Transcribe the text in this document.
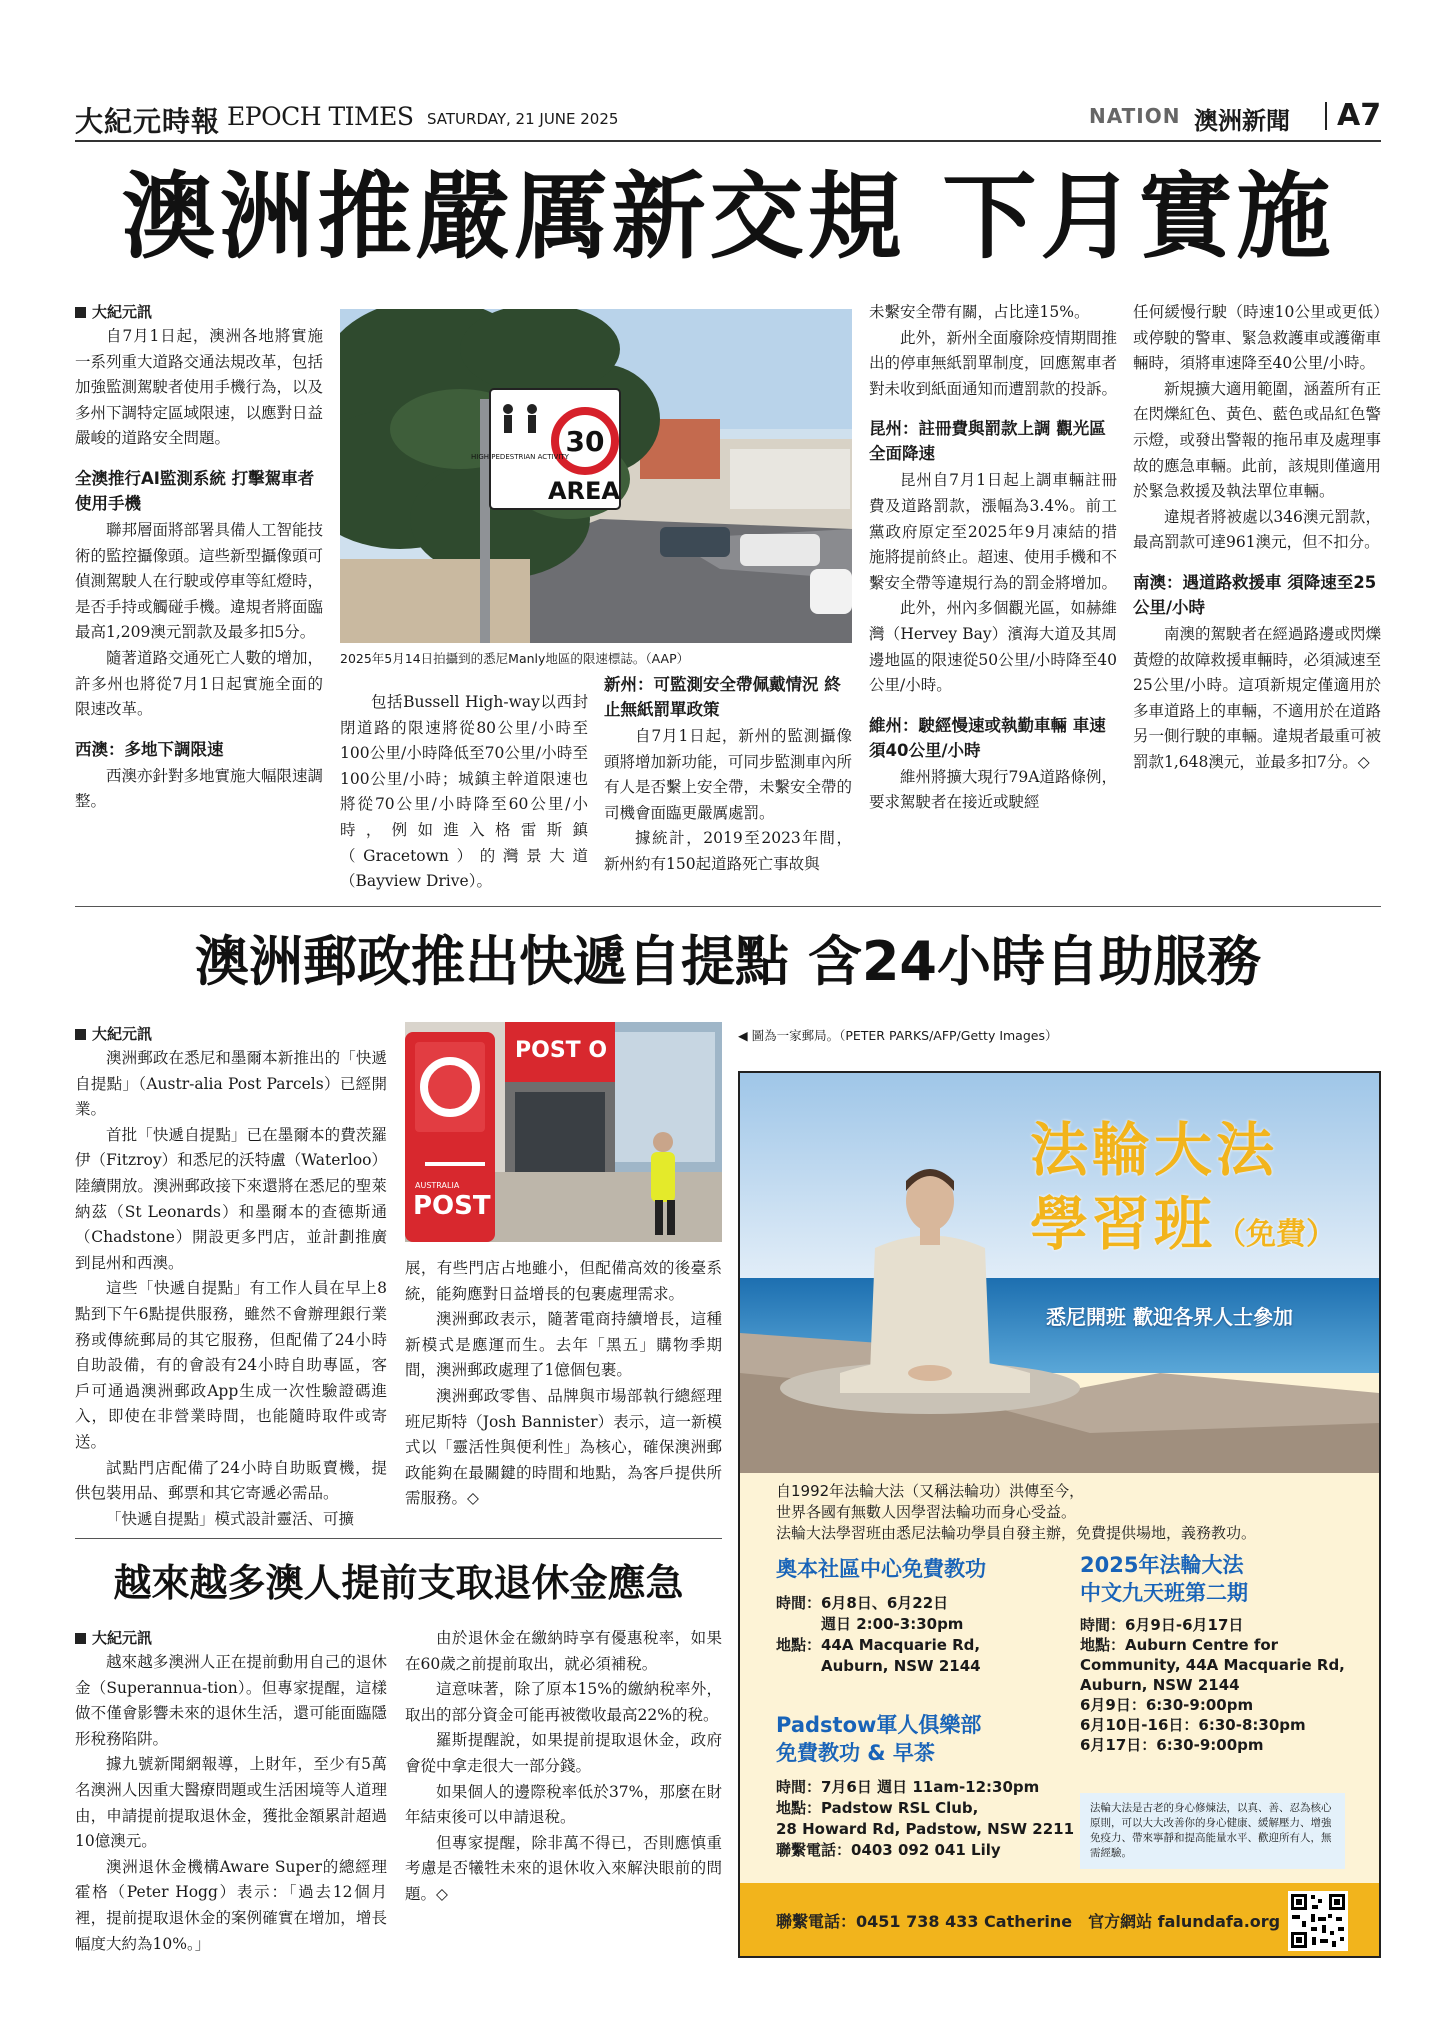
大紀元時報 EPOCH TIMES SATURDAY, 21 JUNE 2025	NATION 澳洲新聞 A7
澳洲推嚴厲新交規 下月實施
大紀元訊

自7月1日起，澳洲各地將實施一系列重大道路交通法規改革，包括加強監測駕駛者使用手機行為，以及多州下調特定區域限速，以應對日益嚴峻的道路安全問題。

全澳推行AI監測系統 打擊駕車者使用手機

聯邦層面將部署具備人工智能技術的監控攝像頭。這些新型攝像頭可偵測駕駛人在行駛或停車等紅燈時，是否手持或觸碰手機。違規者將面臨最高1,209澳元罰款及最多扣5分。

隨著道路交通死亡人數的增加，許多州也將從7月1日起實施全面的限速改革。

西澳：多地下調限速

西澳亦針對多地實施大幅限速調整。

30
AREA
HIGH PEDESTRIAN ACTIVITY
2025年5月14日拍攝到的悉尼Manly地區的限速標誌。（AAP）

包括Bussell High-way以西封閉道路的限速將從80公里/小時至100公里/小時降低至70公里/小時至100公里/小時；城鎮主幹道限速也將從70公里/小時降至60公里/小時，例如進入格雷斯鎮（Gracetown）的灣景大道（Bayview Drive）。

新州：可監測安全帶佩戴情況 終止無紙罰單政策

自7月1日起，新州的監測攝像頭將增加新功能，可同步監測車內所有人是否繫上安全帶，未繫安全帶的司機會面臨更嚴厲處罰。

據統計，2019至2023年間，新州約有150起道路死亡事故與

未繫安全帶有關，占比達15%。

此外，新州全面廢除疫情期間推出的停車無紙罰單制度，回應駕車者對未收到紙面通知而遭罰款的投訴。

昆州：註冊費與罰款上調 觀光區全面降速

昆州自7月1日起上調車輛註冊費及道路罰款，漲幅為3.4%。前工黨政府原定至2025年9月凍結的措施將提前終止。超速、使用手機和不繫安全帶等違規行為的罰金將增加。

此外，州內多個觀光區，如赫維灣（Hervey Bay）濱海大道及其周邊地區的限速從50公里/小時降至40公里/小時。

維州：駛經慢速或執勤車輛 車速須40公里/小時

維州將擴大現行79A道路條例，要求駕駛者在接近或駛經

任何緩慢行駛（時速10公里或更低）或停駛的警車、緊急救護車或護衛車輛時，須將車速降至40公里/小時。

新規擴大適用範圍，涵蓋所有正在閃爍紅色、黃色、藍色或品紅色警示燈，或發出警報的拖吊車及處理事故的應急車輛。此前，該規則僅適用於緊急救援及執法單位車輛。

違規者將被處以346澳元罰款，最高罰款可達961澳元，但不扣分。

南澳：遇道路救援車 須降速至25公里/小時

南澳的駕駛者在經過路邊或閃爍黃燈的故障救援車輛時，必須減速至25公里/小時。這項新規定僅適用於多車道路上的車輛，不適用於在道路另一側行駛的車輛。違規者最重可被罰款1,648澳元，並最多扣7分。◇

澳洲郵政推出快遞自提點 含24小時自助服務
大紀元訊

澳洲郵政在悉尼和墨爾本新推出的「快遞自提點」（Austr-alia Post Parcels）已經開業。

首批「快遞自提點」已在墨爾本的費茨羅伊（Fitzroy）和悉尼的沃特盧（Waterloo）陸續開放。澳洲郵政接下來還將在悉尼的聖萊納茲（St Leonards）和墨爾本的查德斯通（Chadstone）開設更多門店，並計劃推廣到昆州和西澳。

這些「快遞自提點」有工作人員在早上8點到下午6點提供服務，雖然不會辦理銀行業務或傳統郵局的其它服務，但配備了24小時自助設備，有的會設有24小時自助專區，客戶可通過澳洲郵政App生成一次性驗證碼進入，即使在非營業時間，也能隨時取件或寄送。

試點門店配備了24小時自助販賣機，提供包裝用品、郵票和其它寄遞必需品。

「快遞自提點」模式設計靈活、可擴

POST O
AUSTRALIA
POST
◀ 圖為一家郵局。（PETER PARKS/AFP/Getty Images）

展，有些門店占地雖小，但配備高效的後臺系統，能夠應對日益增長的包裹處理需求。

澳洲郵政表示，隨著電商持續增長，這種新模式是應運而生。去年「黑五」購物季期間，澳洲郵政處理了1億個包裹。

澳洲郵政零售、品牌與市場部執行總經理班尼斯特（Josh Bannister）表示，這一新模式以「靈活性與便利性」為核心，確保澳洲郵政能夠在最關鍵的時間和地點，為客戶提供所需服務。◇

越來越多澳人提前支取退休金應急
大紀元訊

越來越多澳洲人正在提前動用自己的退休金（Superannua-tion）。但專家提醒，這樣做不僅會影響未來的退休生活，還可能面臨隱形稅務陷阱。

據九號新聞網報導，上財年，至少有5萬名澳洲人因重大醫療問題或生活困境等人道理由，申請提前提取退休金，獲批金額累計超過10億澳元。

澳洲退休金機構Aware Super的總經理霍格（Peter Hogg）表示：「過去12個月裡，提前提取退休金的案例確實在增加，增長幅度大約為10%。」

由於退休金在繳納時享有優惠稅率，如果在60歲之前提前取出，就必須補稅。

這意味著，除了原本15%的繳納稅率外，取出的部分資金可能再被徵收最高22%的稅。

羅斯提醒說，如果提前提取退休金，政府會從中拿走很大一部分錢。

如果個人的邊際稅率低於37%，那麼在財年結束後可以申請退稅。

但專家提醒，除非萬不得已，否則應慎重考慮是否犧牲未來的退休收入來解決眼前的問題。◇

法輪大法
學習班（免費）
悉尼開班 歡迎各界人士參加
自1992年法輪大法（又稱法輪功）洪傳至今，
世界各國有無數人因學習法輪功而身心受益。
法輪大法學習班由悉尼法輪功學員自發主辦，免費提供場地，義務教功。
奧本社區中心免費教功
時間：6月8日、6月22日
　　　週日 2:00-3:30pm
地點：44A Macquarie Rd,
　　　Auburn, NSW 2144
Padstow軍人俱樂部
免費教功 & 早茶
時間：7月6日 週日 11am-12:30pm
地點：Padstow RSL Club,
28 Howard Rd, Padstow, NSW 2211
聯繫電話：0403 092 041 Lily
2025年法輪大法
中文九天班第二期
時間：6月9日-6月17日
地點：Auburn Centre for
Community, 44A Macquarie Rd,
Auburn, NSW 2144
6月9日：6:30-9:00pm
6月10日-16日：6:30-8:30pm
6月17日：6:30-9:00pm
法輪大法是古老的身心修煉法，以真、善、忍為核心原則，可以大大改善你的身心健康、緩解壓力、增強免疫力、帶來寧靜和提高能量水平、歡迎所有人，無需經驗。
聯繫電話：0451 738 433 Catherine　官方網站 falundafa.org
